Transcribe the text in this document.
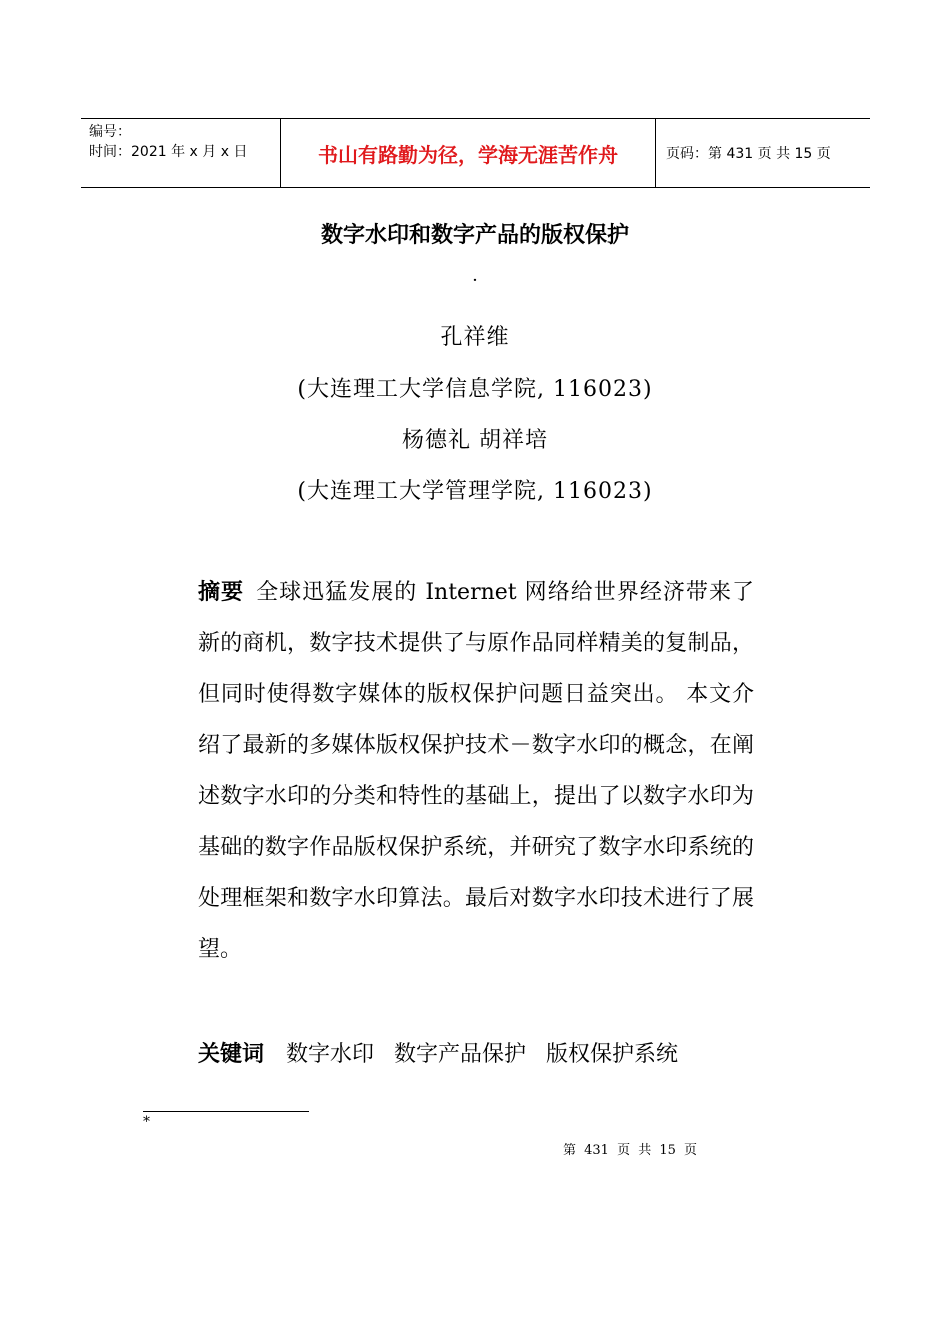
编号：
时间：2021 年 x 月 x 日	书山有路勤为径，学海无涯苦作舟	页码：第 431 页 共 15 页
数字水印和数字产品的版权保护
·
孔祥维
(大连理工大学信息学院, 116023)
杨德礼 胡祥培
(大连理工大学管理学院, 116023)
摘要 全球迅猛发展的 Internet 网络给世界经济带来了新的商机，数字技术提供了与原作品同样精美的复制品，但同时使得数字媒体的版权保护问题日益突出。 本文介绍了最新的多媒体版权保护技术－数字水印的概念，在阐述数字水印的分类和特性的基础上，提出了以数字水印为基础的数字作品版权保护系统，并研究了数字水印系统的处理框架和数字水印算法。最后对数字水印技术进行了展望。
关键词 数字水印 数字产品保护 版权保护系统
*
第 431 页 共 15 页
